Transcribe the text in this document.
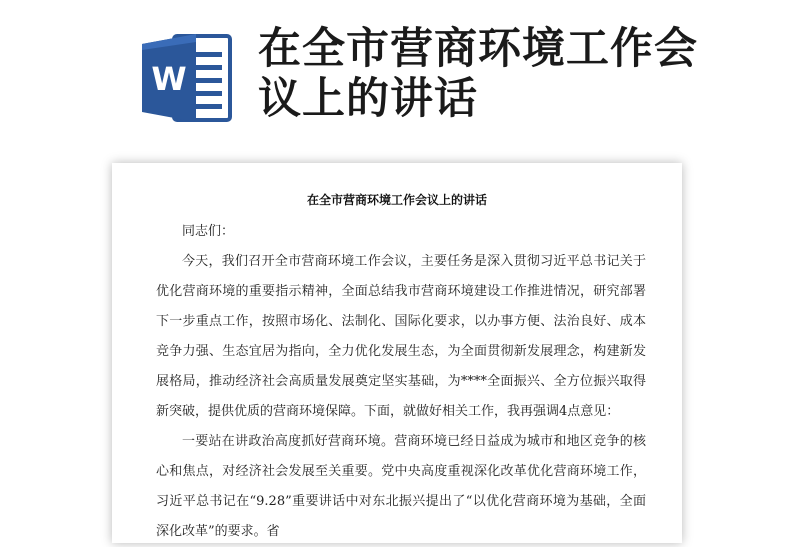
W
在全市营商环境工作会议上的讲话
在全市营商环境工作会议上的讲话

同志们：

今天，我们召开全市营商环境工作会议，主要任务是深入贯彻习近平总书记关于优化营商环境的重要指示精神，全面总结我市营商环境建设工作推进情况，研究部署下一步重点工作，按照市场化、法制化、国际化要求，以办事方便、法治良好、成本竞争力强、生态宜居为指向，全力优化发展生态，为全面贯彻新发展理念，构建新发展格局，推动经济社会高质量发展奠定坚实基础，为****全面振兴、全方位振兴取得新突破，提供优质的营商环境保障。下面，就做好相关工作，我再强调4点意见：

一要站在讲政治高度抓好营商环境。营商环境已经日益成为城市和地区竞争的核心和焦点，对经济社会发展至关重要。党中央高度重视深化改革优化营商环境工作，习近平总书记在“9.28”重要讲话中对东北振兴提出了“以优化营商环境为基础，全面深化改革”的要求。省
